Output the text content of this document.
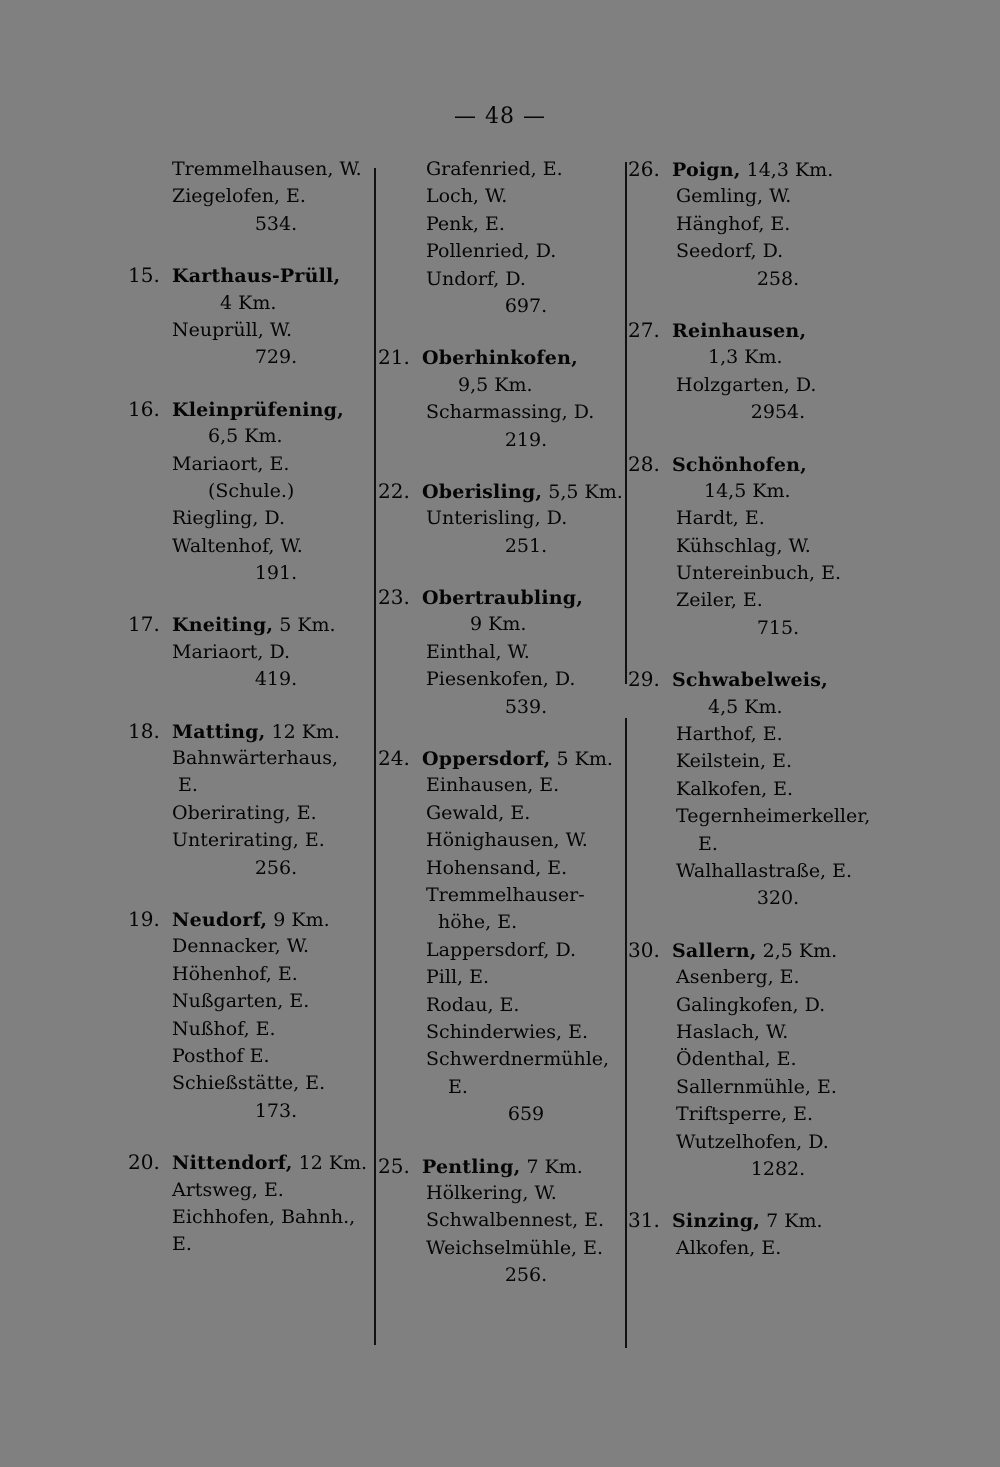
— 48 —
Tremmelhausen, W.
Ziegelofen, E.
534.
15. Karthaus-Prüll,
4 Km.
Neuprüll, W.
729.
16. Kleinprüfening,
6,5 Km.
Mariaort, E.
(Schule.)
Riegling, D.
Waltenhof, W.
191.
17. Kneiting, 5 Km.
Mariaort, D.
419.
18. Matting, 12 Km.
Bahnwärterhaus,
E.
Oberirating, E.
Unterirating, E.
256.
19. Neudorf, 9 Km.
Dennacker, W.
Höhenhof, E.
Nußgarten, E.
Nußhof, E.
Posthof E.
Schießstätte, E.
173.
20. Nittendorf, 12 Km.
Artsweg, E.
Eichhofen, Bahnh.,
E.
Grafenried, E.
Loch, W.
Penk, E.
Pollenried, D.
Undorf, D.
697.
21. Oberhinkofen,
9,5 Km.
Scharmassing, D.
219.
22. Oberisling, 5,5 Km.
Unterisling, D.
251.
23. Obertraubling,
9 Km.
Einthal, W.
Piesenkofen, D.
539.
24. Oppersdorf, 5 Km.
Einhausen, E.
Gewald, E.
Hönighausen, W.
Hohensand, E.
Tremmelhauser-
höhe, E.
Lappersdorf, D.
Pill, E.
Rodau, E.
Schinderwies, E.
Schwerdnermühle,
E.
659
25. Pentling, 7 Km.
Hölkering, W.
Schwalbennest, E.
Weichselmühle, E.
256.
26. Poign, 14,3 Km.
Gemling, W.
Hänghof, E.
Seedorf, D.
258.
27. Reinhausen,
1,3 Km.
Holzgarten, D.
2954.
28. Schönhofen,
14,5 Km.
Hardt, E.
Kühschlag, W.
Untereinbuch, E.
Zeiler, E.
715.
29. Schwabelweis,
4,5 Km.
Harthof, E.
Keilstein, E.
Kalkofen, E.
Tegernheimerkeller,
E.
Walhallastraße, E.
320.
30. Sallern, 2,5 Km.
Asenberg, E.
Galingkofen, D.
Haslach, W.
Ödenthal, E.
Sallernmühle, E.
Triftsperre, E.
Wutzelhofen, D.
1282.
31. Sinzing, 7 Km.
Alkofen, E.
